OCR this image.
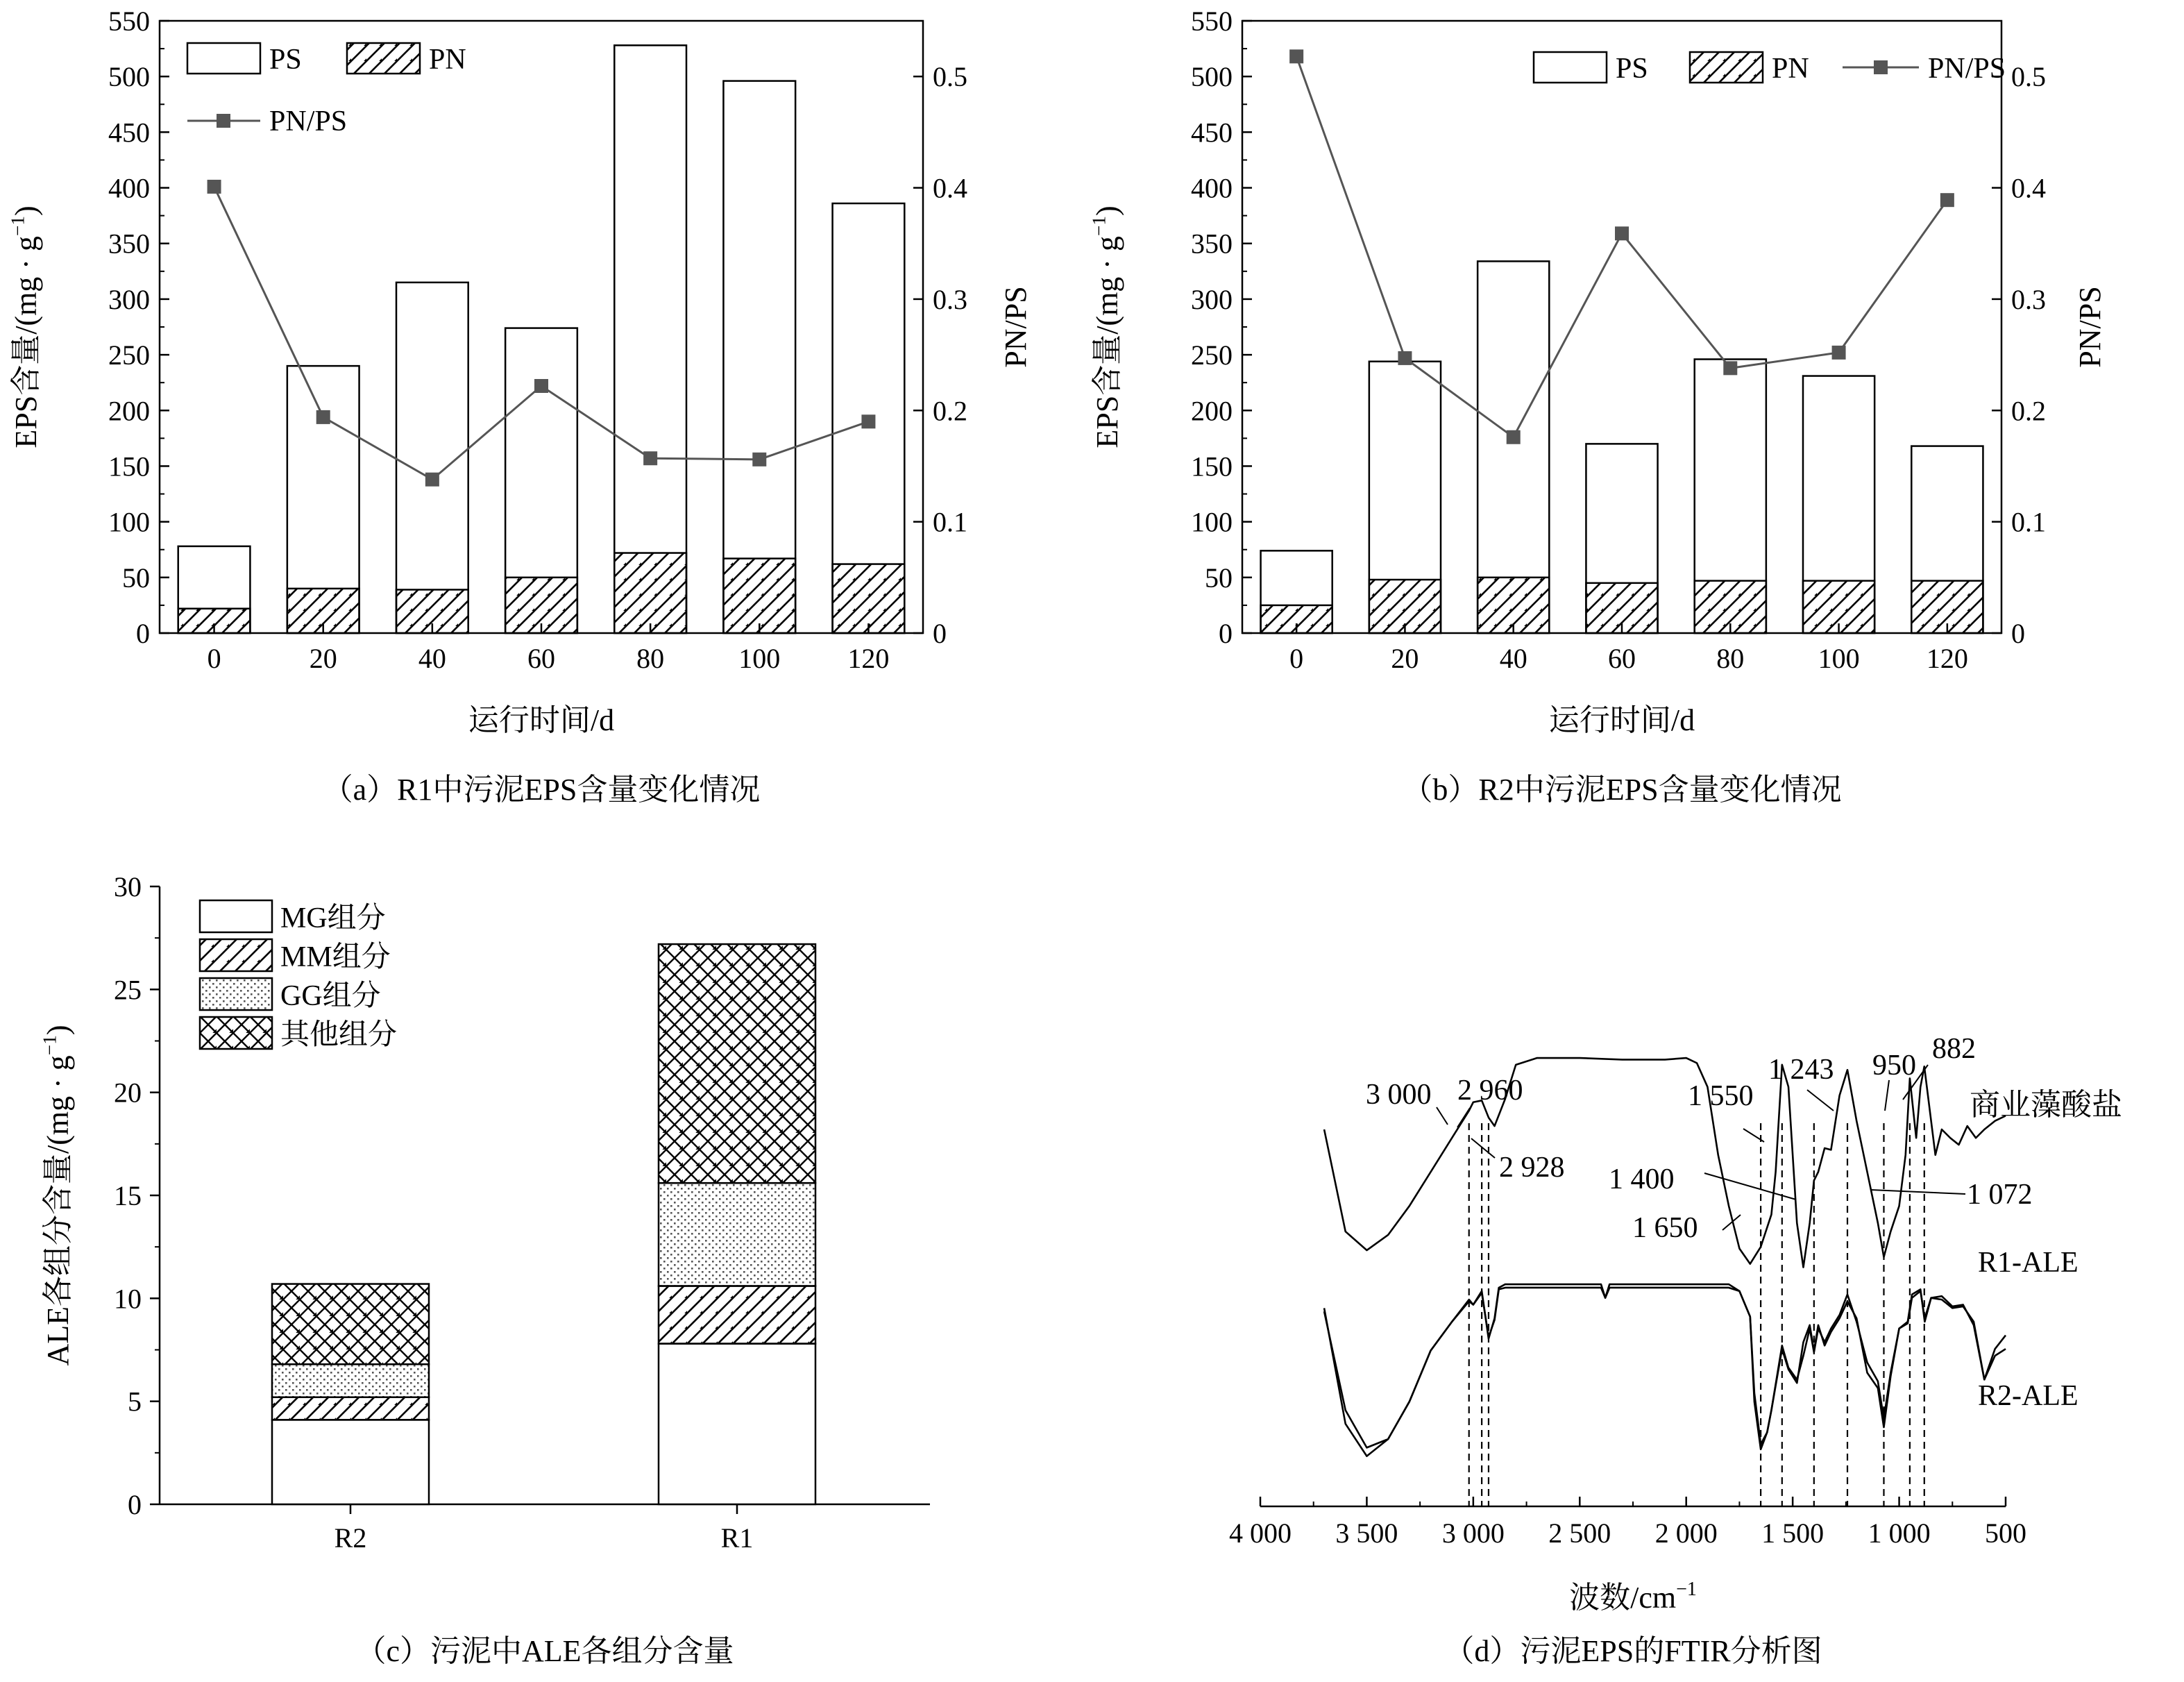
0
50
100
150
200
250
300
350
400
450
500
550
0
0.1
0.2
0.3
0.4
0.5
0	20	40	60	80	100 120
PS	PN
PN/PS
运行时间/d
PN/PS
（a）R1中污泥EPS含量变化情况
EPS含量$/(mg \cdot g^{-1})$
0
50
100
150
200
250
300
350
400
450
500
550
0
0.1
0.2
0.3
0.4
0.5
0	20	40	60	80	100 120
PS	PN	PN/PS
运行时间/d
PN/PS
（b）R2中污泥EPS含量变化情况
EPS含量$/(mg \cdot g^{-1})$
0
5
10
15
20
25
30
R2	R1
MG组分
MM组分
GG组分
其他组分
（c）污泥中ALE各组分含量
ALE各组分含量$/(mg \cdot g^{-1})$
4 000 3 500 3 000 2 500 2 000 1 500 1 000 500
商业藻酸盐
R1-ALE
R2-ALE
3 000 2 960
2 928
1 550
1 243 950
882
1 400	1 072
1 650
波数$/cm^{-1}$
（d）污泥EPS的FTIR分析图
